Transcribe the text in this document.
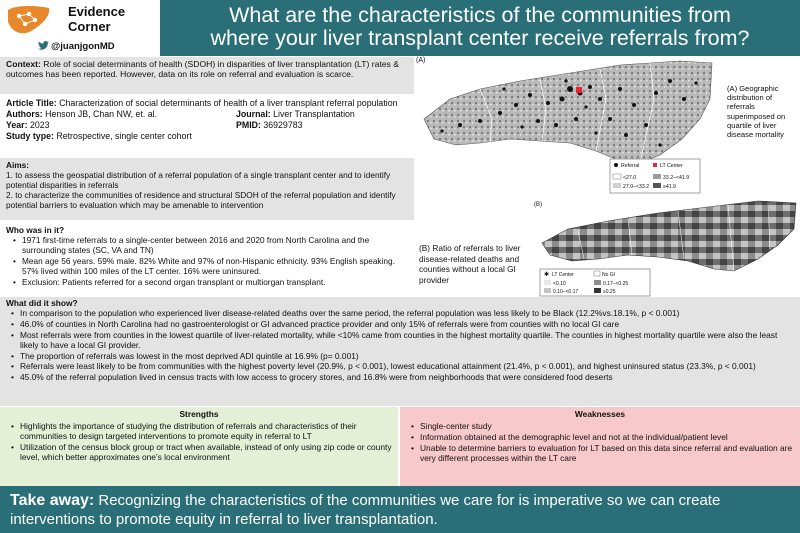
Evidence
Corner
@juanjgonMD
What are the characteristics of the communities from
where your liver transplant center receive referrals from?
Context: Role of social determinants of health (SDOH) in disparities of liver transplantation (LT) rates & outcomes has been reported. However, data on its role on referral and evaluation is scarce.
Article Title: Characterization of social determinants of health of a liver transplant referral population
Authors: Henson JB, Chan NW, et. al.	Journal: Liver Transplantation
Year: 2023	PMID: 36929783
Study type: Retrospective, single center cohort
Aims:
1. to assess the geospatial distribution of a referral population of a single transplant center and to identify potential disparities in referrals
2. to characterize the communities of residence and structural SDOH of the referral population and identify potential barriers to evaluation which may be amenable to intervention
Who was in it?
• 1971 first-time referrals to a single-center between 2016 and 2020 from North Carolina and the surrounding states (SC, VA and TN)
• Mean age 56 years. 59% male. 82% White and 97% of non-Hispanic ethnicity. 93% English speaking. 57% lived within 100 miles of the LT center. 16% were uninsured.
• Exclusion: Patients referred for a second organ transplant or multiorgan transplant.
(A)
Referral	LT Center
<27.0	33.2–<41.9
27.0–<33.2	≥41.9
(A) Geographic distribution of referrals superimposed on quartile of liver disease mortality
(B)
(B) Ratio of referrals to liver disease-related deaths and counties without a local GI provider	✱ LT Center	No GI
<0.10	0.17–<0.25
0.10–<0.17	≥0.25
What did it show?
• In comparison to the population who experienced liver disease-related deaths over the same period, the referral population was less likely to be Black (12.2%vs.18.1%, p < 0.001)
• 46.0% of counties in North Carolina had no gastroenterologist or GI advanced practice provider and only 15% of referrals were from counties with no local GI care
• Most referrals were from counties in the lowest quartile of liver-related mortality, while <10% came from counties in the highest mortality quartile. The counties in highest mortality quartile were also the least likely to have a local GI provider.
• The proportion of referrals was lowest in the most deprived ADI quintile at 16.9% (p= 0.001)
• Referrals were least likely to be from communities with the highest poverty level (20.9%, p < 0.001), lowest educational attainment (21.4%, p < 0.001), and highest uninsured status (23.3%, p < 0.001)
• 45.0% of the referral population lived in census tracts with low access to grocery stores, and 16.8% were from neighborhoods that were considered food deserts
Strengths
• Highlights the importance of studying the distribution of referrals and characteristics of their communities to design targeted interventions to promote equity in referral to LT
• Utilization of the census block group or tract when available, instead of only using zip code or county level, which better approximates one’s local environment
Weaknesses
• Single-center study
• Information obtained at the demographic level and not at the individual/patient level
• Unable to determine barriers to evaluation for LT based on this data since referral and evaluation are very different processes within the LT care
Take away: Recognizing the characteristics of the communities we care for is imperative so we can create interventions to promote equity in referral to liver transplantation.
